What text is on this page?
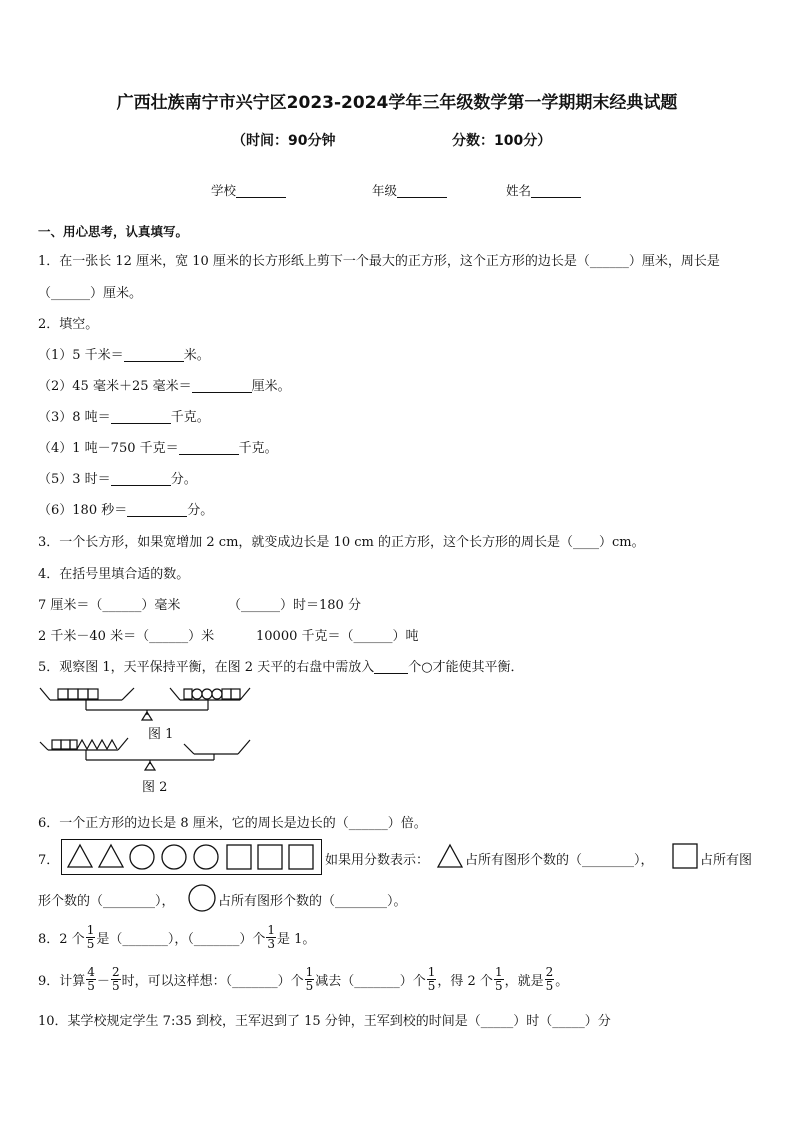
广西壮族南宁市兴宁区2023-2024学年三年级数学第一学期期末经典试题
（时间：90分钟	分数：100分）
学校	年级	姓名
一、用心思考，认真填写。
1．在一张长 12 厘米，宽 10 厘米的长方形纸上剪下一个最大的正方形，这个正方形的边长是（______）厘米，周长是
（______）厘米。
2．填空。
（1）5 千米＝	米。
（2）45 毫米＋25 毫米＝	厘米。
（3）8 吨＝	千克。
（4）1 吨－750 千克＝	千克。
（5）3 时＝	分。
（6）180 秒＝	分。
3．一个长方形，如果宽增加 2 cm，就变成边长是 10 cm 的正方形，这个长方形的周长是（____）cm。
4．在括号里填合适的数。
7 厘米＝（______）毫米	（______）时＝180 分
2 千米－40 米＝（______）米	10000 千克＝（______）吨
5．观察图 1，天平保持平衡，在图 2 天平的右盘中需放入	个○才能使其平衡．
图 1
图 2
6．一个正方形的边长是 8 厘米，它的周长是边长的（______）倍。
7．	如果用分数表示：	占所有图形个数的（________），	占所有图
形个数的（________），	占所有图形个数的（________）。
8．2 个 $\frac{1}{5}$ 是（_______），（_______）个 $\frac{1}{3}$ 是 1。
9．计算 $\frac{4}{5} - \frac{2}{5}$ 时，可以这样想：（_______）个 $\frac{1}{5}$ 减去（_______）个 $\frac{1}{5}$ ，得 2 个 $\frac{1}{5}$ ，就是 $\frac{2}{5}$ 。
10．某学校规定学生 7:35 到校，王军迟到了 15 分钟，王军到校的时间是（_____）时（_____）分
